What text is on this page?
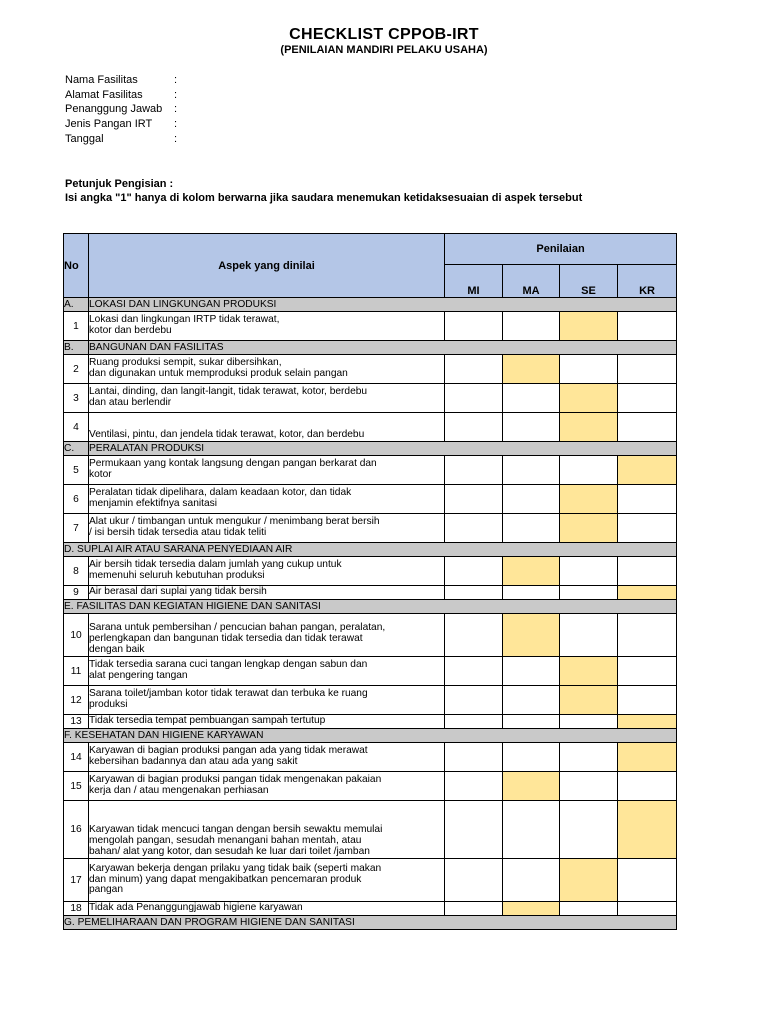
CHECKLIST CPPOB-IRT
(PENILAIAN MANDIRI PELAKU USAHA)
Nama Fasilitas	:
Alamat Fasilitas	:
Penanggung Jawab	:
Jenis Pangan IRT	:
Tanggal	:
Petunjuk Pengisian :
Isi angka "1" hanya di kolom berwarna jika saudara menemukan ketidaksesuaian di aspek tersebut
No	Aspek yang dinilai	Penilaian			
		MI	MA	SE	KR
A.	LOKASI DAN LINGKUNGAN PRODUKSI				
1	Lokasi dan lingkungan IRTP tidak terawat,
kotor dan berdebu				

B.	BANGUNAN DAN FASILITAS				
2	Ruang produksi sempit, sukar dibersihkan,
dan digunakan untuk memproduksi produk selain pangan				

3	Lantai, dinding, dan langit-langit, tidak terawat, kotor, berdebu
dan atau berlendir				

4	Ventilasi, pintu, dan jendela tidak terawat, kotor, dan berdebu				

C.	PERALATAN PRODUKSI				
5	Permukaan yang kontak langsung dengan pangan berkarat dan
kotor				

6	Peralatan tidak dipelihara, dalam keadaan kotor, dan tidak
menjamin efektifnya sanitasi				

7	Alat ukur / timbangan untuk mengukur / menimbang berat bersih
/ isi bersih tidak tersedia atau tidak teliti				

D. SUPLAI AIR ATAU SARANA PENYEDIAAN AIR					
8	Air bersih tidak tersedia dalam jumlah yang cukup untuk
memenuhi seluruh kebutuhan produksi				

9	Air berasal dari suplai yang tidak bersih				

E. FASILITAS DAN KEGIATAN HIGIENE DAN SANITASI					
10	Sarana untuk pembersihan / pencucian bahan pangan, peralatan,
perlengkapan dan bangunan tidak tersedia dan tidak terawat
dengan baik				

11	Tidak tersedia sarana cuci tangan lengkap dengan sabun dan
alat pengering tangan				

12	Sarana toilet/jamban kotor tidak terawat dan terbuka ke ruang
produksi				

13	Tidak tersedia tempat pembuangan sampah tertutup				

F. KESEHATAN DAN HIGIENE KARYAWAN					
14	Karyawan di bagian produksi pangan ada yang tidak merawat
kebersihan badannya dan atau ada yang sakit				

15	Karyawan di bagian produksi pangan tidak mengenakan pakaian
kerja dan / atau mengenakan perhiasan				

16	Karyawan tidak mencuci tangan dengan bersih sewaktu memulai
mengolah pangan, sesudah menangani bahan mentah, atau
bahan/ alat yang kotor, dan sesudah ke luar dari toilet /jamban				

17	Karyawan bekerja dengan prilaku yang tidak baik (seperti makan
dan minum) yang dapat mengakibatkan pencemaran produk
pangan				

18	Tidak ada Penanggungjawab higiene karyawan				

G. PEMELIHARAAN DAN PROGRAM HIGIENE DAN SANITASI					
